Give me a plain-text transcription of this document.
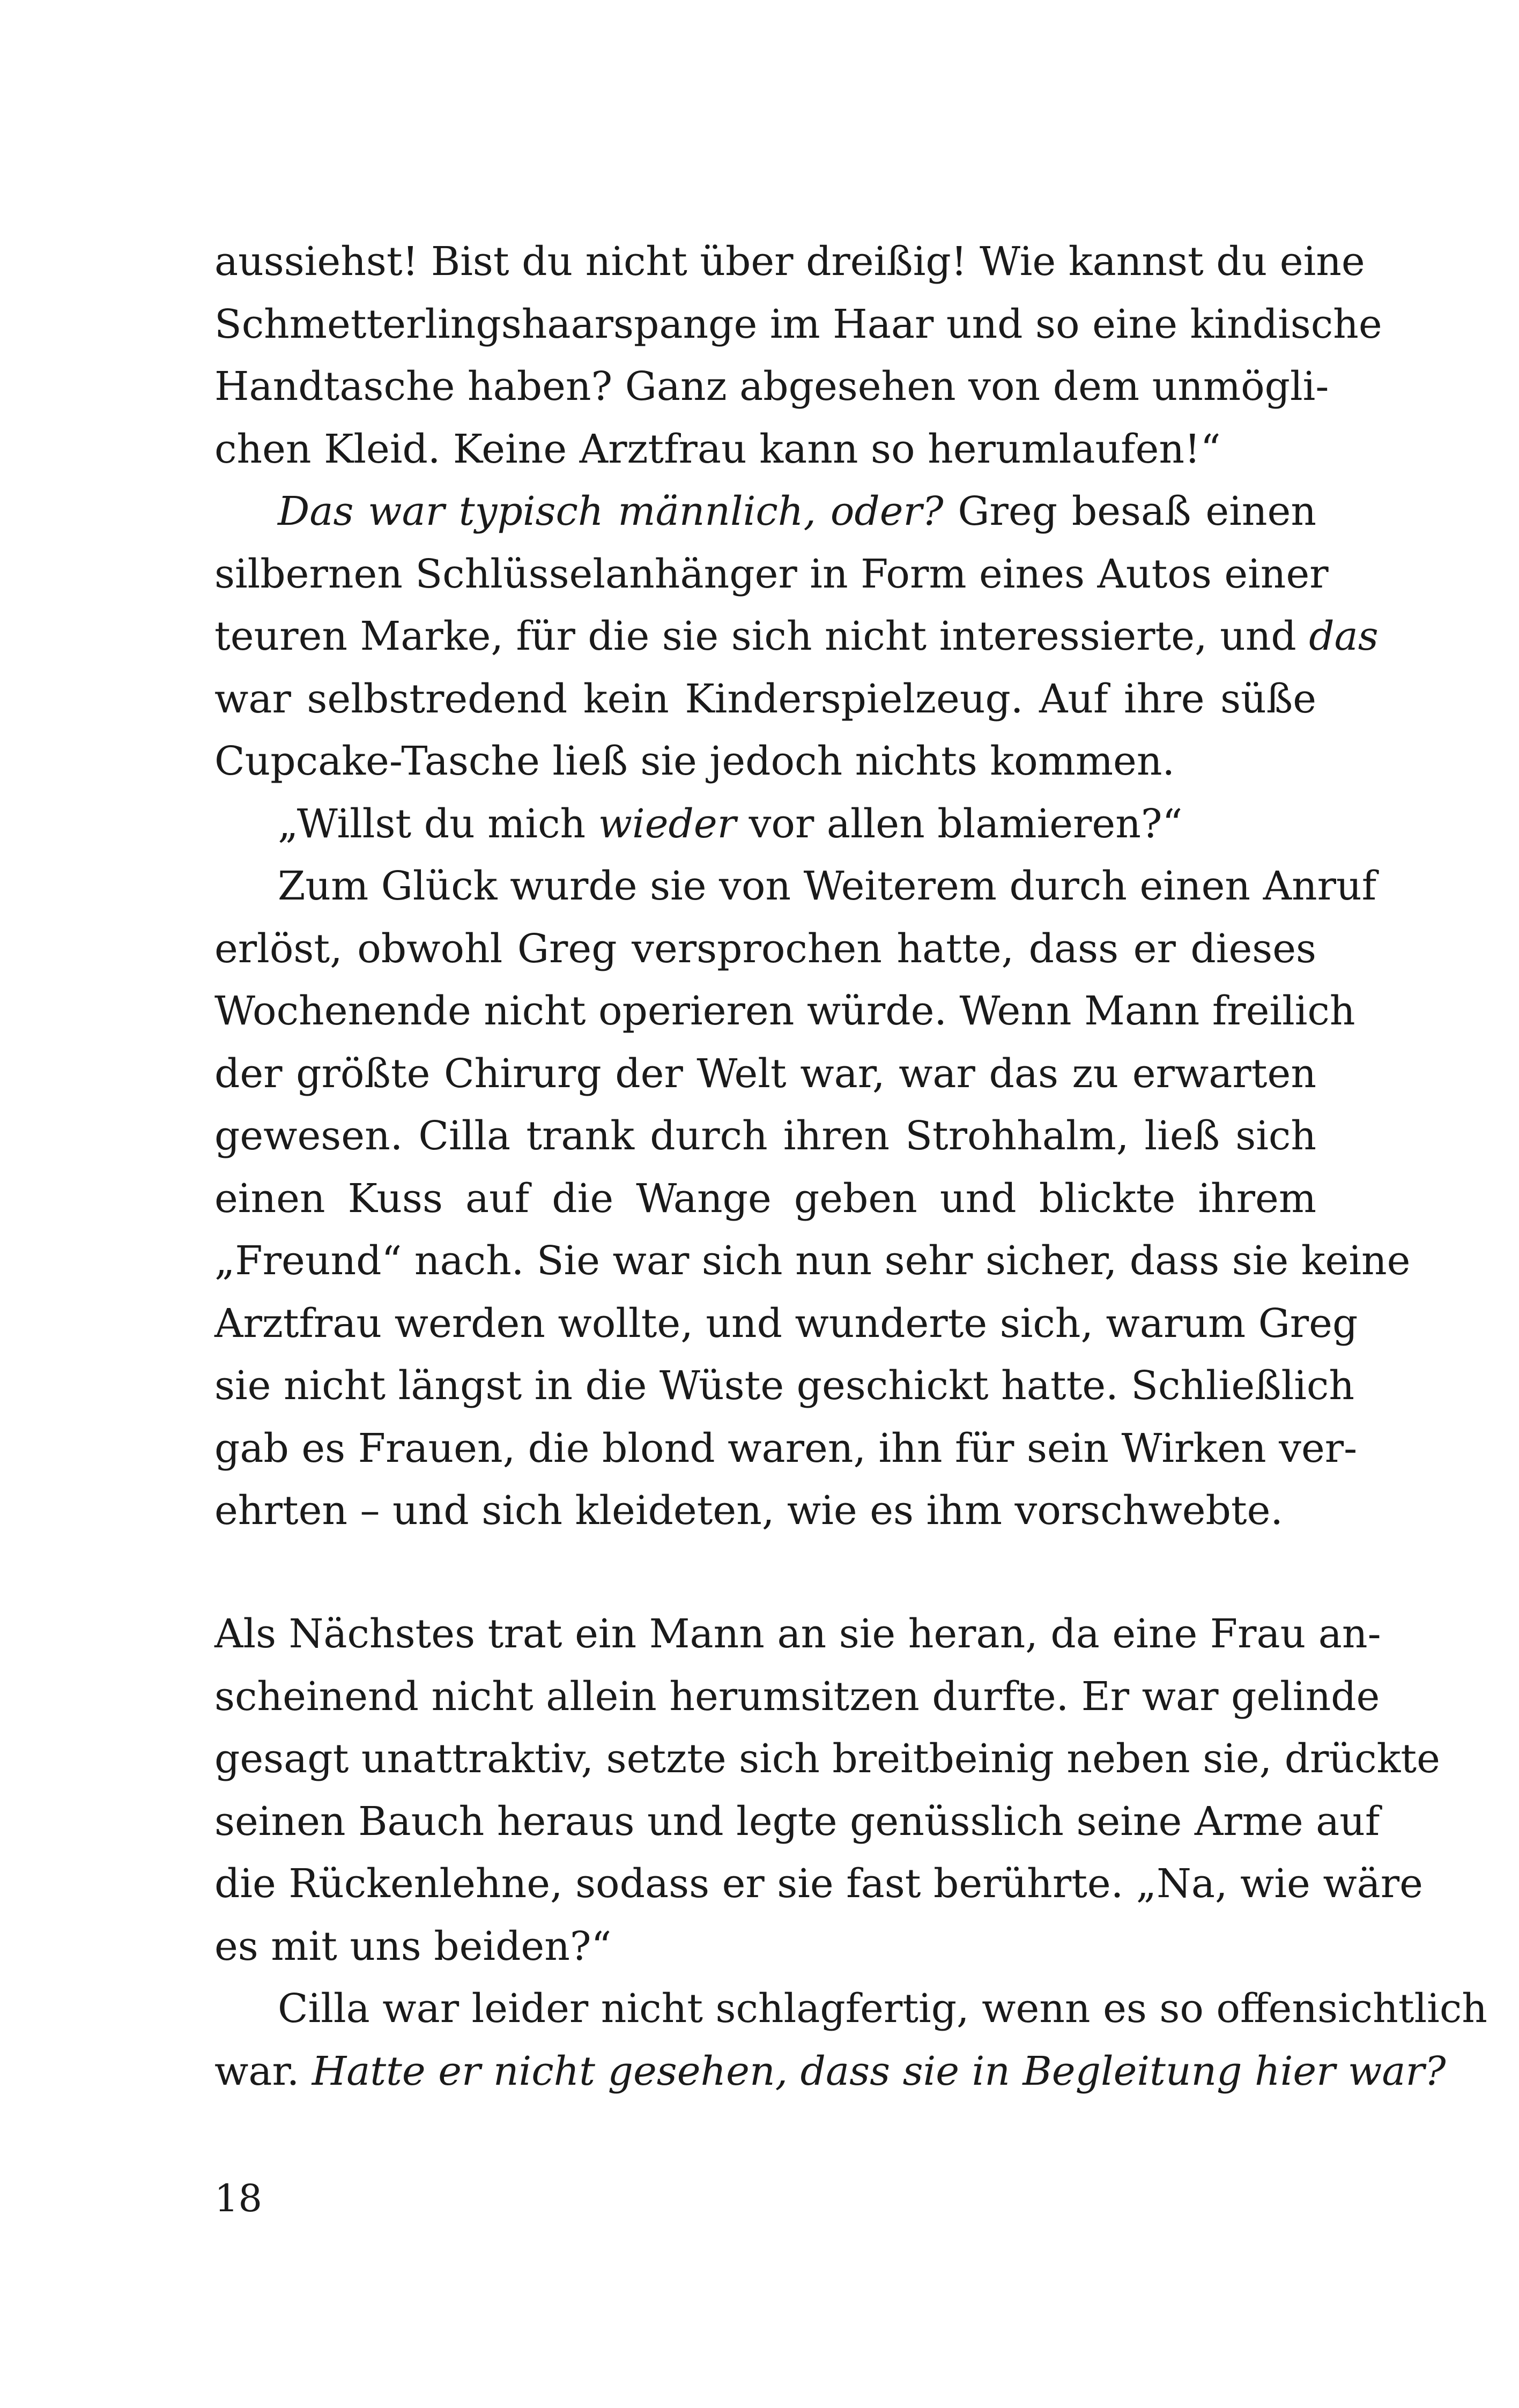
aussiehst! Bist du nicht über dreißig! Wie kannst du eine
Schmetterlingshaarspange im Haar und so eine kindische
Handtasche haben? Ganz abgesehen von dem unmögli-
chen Kleid. Keine Arztfrau kann so herumlaufen!“
Das war typisch männlich, oder? Greg besaß einen
silbernen Schlüsselanhänger in Form eines Autos einer
teuren Marke, für die sie sich nicht interessierte, und das
war selbstredend kein Kinderspielzeug. Auf ihre süße
Cupcake-Tasche ließ sie jedoch nichts kommen.
„Willst du mich wieder vor allen blamieren?“
Zum Glück wurde sie von Weiterem durch einen Anruf
erlöst, obwohl Greg versprochen hatte, dass er dieses
Wochenende nicht operieren würde. Wenn Mann freilich
der größte Chirurg der Welt war, war das zu erwarten
gewesen. Cilla trank durch ihren Strohhalm, ließ sich
einen Kuss auf die Wange geben und blickte ihrem
„Freund“ nach. Sie war sich nun sehr sicher, dass sie keine
Arztfrau werden wollte, und wunderte sich, warum Greg
sie nicht längst in die Wüste geschickt hatte. Schließlich
gab es Frauen, die blond waren, ihn für sein Wirken ver-
ehrten – und sich kleideten, wie es ihm vorschwebte.
Als Nächstes trat ein Mann an sie heran, da eine Frau an-
scheinend nicht allein herumsitzen durfte. Er war gelinde
gesagt unattraktiv, setzte sich breitbeinig neben sie, drückte
seinen Bauch heraus und legte genüsslich seine Arme auf
die Rückenlehne, sodass er sie fast berührte. „Na, wie wäre
es mit uns beiden?“
Cilla war leider nicht schlagfertig, wenn es so offensichtlich
war. Hatte er nicht gesehen, dass sie in Begleitung hier war?
18
